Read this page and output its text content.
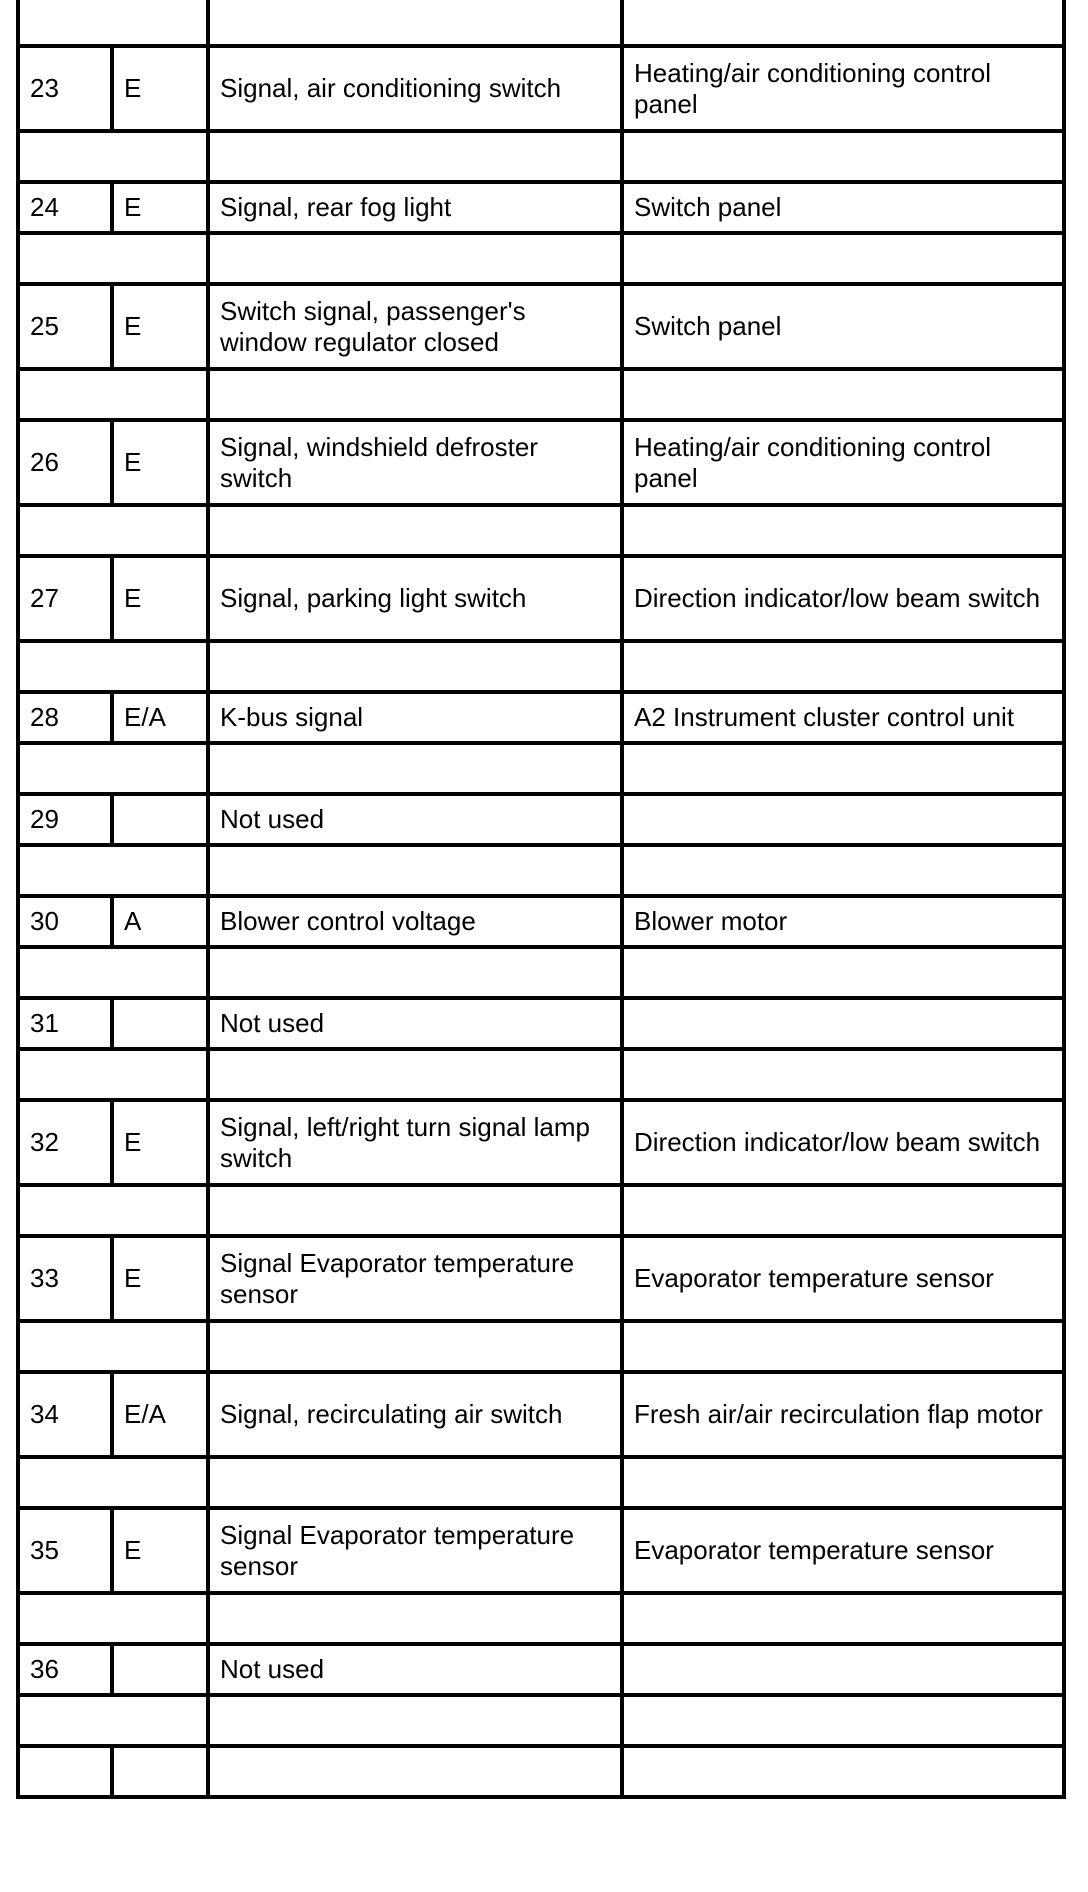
23	E	Signal, air conditioning switch	Heating/air conditioning control panel

24	E	Signal, rear fog light	Switch panel

25	E	Switch signal, passenger's window regulator closed	Switch panel

26	E	Signal, windshield defroster switch	Heating/air conditioning control panel

27	E	Signal, parking light switch	Direction indicator/low beam switch

28	E/A	K-bus signal	A2 Instrument cluster control unit

29		Not used	

30	A	Blower control voltage	Blower motor

31		Not used	

32	E	Signal, left/right turn signal lamp switch	Direction indicator/low beam switch

33	E	Signal Evaporator temperature sensor	Evaporator temperature sensor

34	E/A	Signal, recirculating air switch	Fresh air/air recirculation flap motor

35	E	Signal Evaporator temperature sensor	Evaporator temperature sensor

36		Not used	
